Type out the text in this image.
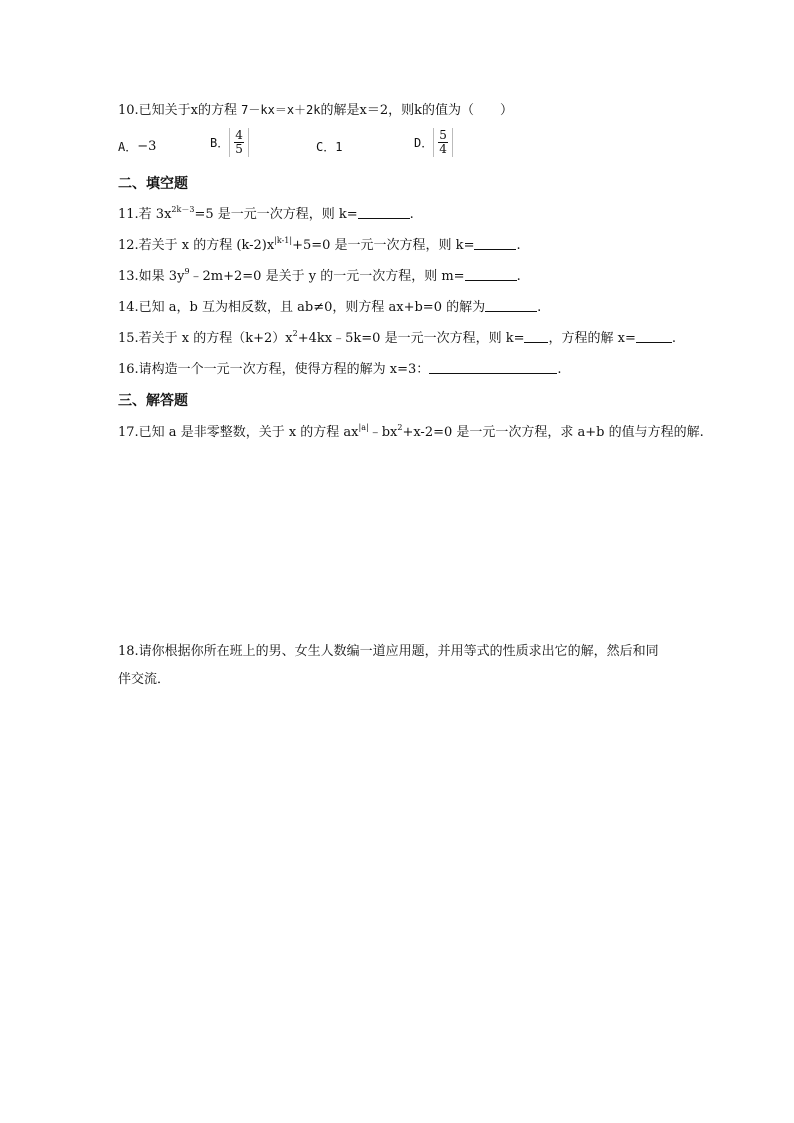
10.已知关于x的方程 7－kx＝x＋2k的解是x＝2，则k的值为（　　）
A． −3	B． $\frac{4}{5}$	C． 1	D． $\frac{5}{4}$
二、填空题
11.若 $3x^{2k-3}=5$ 是一元一次方程，则 k=	.
12.若关于 x 的方程 $(k-2)x^{|k-1|}+5=0$ 是一元一次方程，则 k=	.
13.如果 $3y^9﹣2m+2=0$ 是关于 y 的一元一次方程，则 m=	.
14.已知 a，b 互为相反数，且 ab≠0，则方程 ax+b=0 的解为	.
15.若关于 x 的方程$(k+2)x^2+4kx﹣5k=0$ 是一元一次方程，则 k= ，方程的解 x=	.
16.请构造一个一元一次方程，使得方程的解为 x=3：	.
三、解答题
17.已知 a 是非零整数，关于 x 的方程 $ax^{|a|}﹣bx^2+x-2=0$ 是一元一次方程，求 a+b 的值与方程的解.
18.请你根据你所在班上的男、女生人数编一道应用题，并用等式的性质求出它的解，然后和同
伴交流．
